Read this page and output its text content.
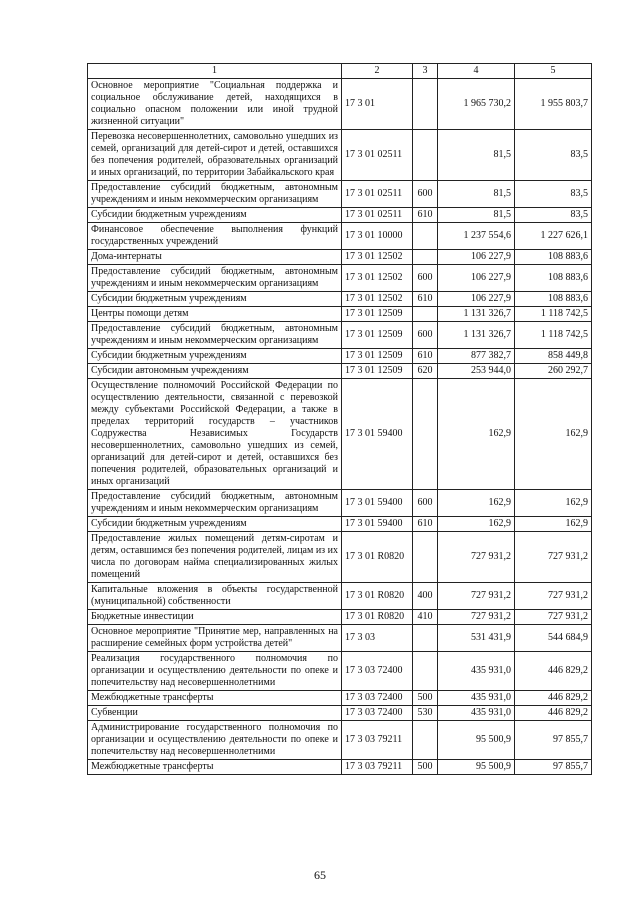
1	2	3	4	5
Основное мероприятие "Социальная поддержка и социальное обслуживание детей, находящихся в социально опасном положении или иной трудной жизненной ситуации"	17 3 01		1 965 730,2	1 955 803,7
Перевозка несовершеннолетних, самовольно ушедших из семей, организаций для детей-сирот и детей, оставшихся без попечения родителей, образовательных организаций и иных организаций, по территории Забайкальского края	17 3 01 02511		81,5	83,5
Предоставление субсидий бюджетным, автономным учреждениям и иным некоммерческим организациям	17 3 01 02511	600	81,5	83,5
Субсидии бюджетным учреждениям	17 3 01 02511	610	81,5	83,5
Финансовое обеспечение выполнения функций государственных учреждений	17 3 01 10000		1 237 554,6	1 227 626,1
Дома-интернаты	17 3 01 12502		106 227,9	108 883,6
Предоставление субсидий бюджетным, автономным учреждениям и иным некоммерческим организациям	17 3 01 12502	600	106 227,9	108 883,6
Субсидии бюджетным учреждениям	17 3 01 12502	610	106 227,9	108 883,6
Центры помощи детям	17 3 01 12509		1 131 326,7	1 118 742,5
Предоставление субсидий бюджетным, автономным учреждениям и иным некоммерческим организациям	17 3 01 12509	600	1 131 326,7	1 118 742,5
Субсидии бюджетным учреждениям	17 3 01 12509	610	877 382,7	858 449,8
Субсидии автономным учреждениям	17 3 01 12509	620	253 944,0	260 292,7
Осуществление полномочий Российской Федерации по осуществлению деятельности, связанной с перевозкой между субъектами Российской Федерации, а также в пределах территорий государств – участников Содружества Независимых Государств несовершеннолетних, самовольно ушедших из семей, организаций для детей-сирот и детей, оставшихся без попечения родителей, образовательных организаций и иных организаций	17 3 01 59400		162,9	162,9
Предоставление субсидий бюджетным, автономным учреждениям и иным некоммерческим организациям	17 3 01 59400	600	162,9	162,9
Субсидии бюджетным учреждениям	17 3 01 59400	610	162,9	162,9
Предоставление жилых помещений детям-сиротам и детям, оставшимся без попечения родителей, лицам из их числа по договорам найма специализированных жилых помещений	17 3 01 R0820		727 931,2	727 931,2
Капитальные вложения в объекты государственной (муниципальной) собственности	17 3 01 R0820	400	727 931,2	727 931,2
Бюджетные инвестиции	17 3 01 R0820	410	727 931,2	727 931,2
Основное мероприятие "Принятие мер, направленных на расширение семейных форм устройства детей"	17 3 03		531 431,9	544 684,9
Реализация государственного полномочия по организации и осуществлению деятельности по опеке и попечительству над несовершеннолетними	17 3 03 72400		435 931,0	446 829,2
Межбюджетные трансферты	17 3 03 72400	500	435 931,0	446 829,2
Субвенции	17 3 03 72400	530	435 931,0	446 829,2
Администрирование государственного полномочия по организации и осуществлению деятельности по опеке и попечительству над несовершеннолетними	17 3 03 79211		95 500,9	97 855,7
Межбюджетные трансферты	17 3 03 79211	500	95 500,9	97 855,7
65
